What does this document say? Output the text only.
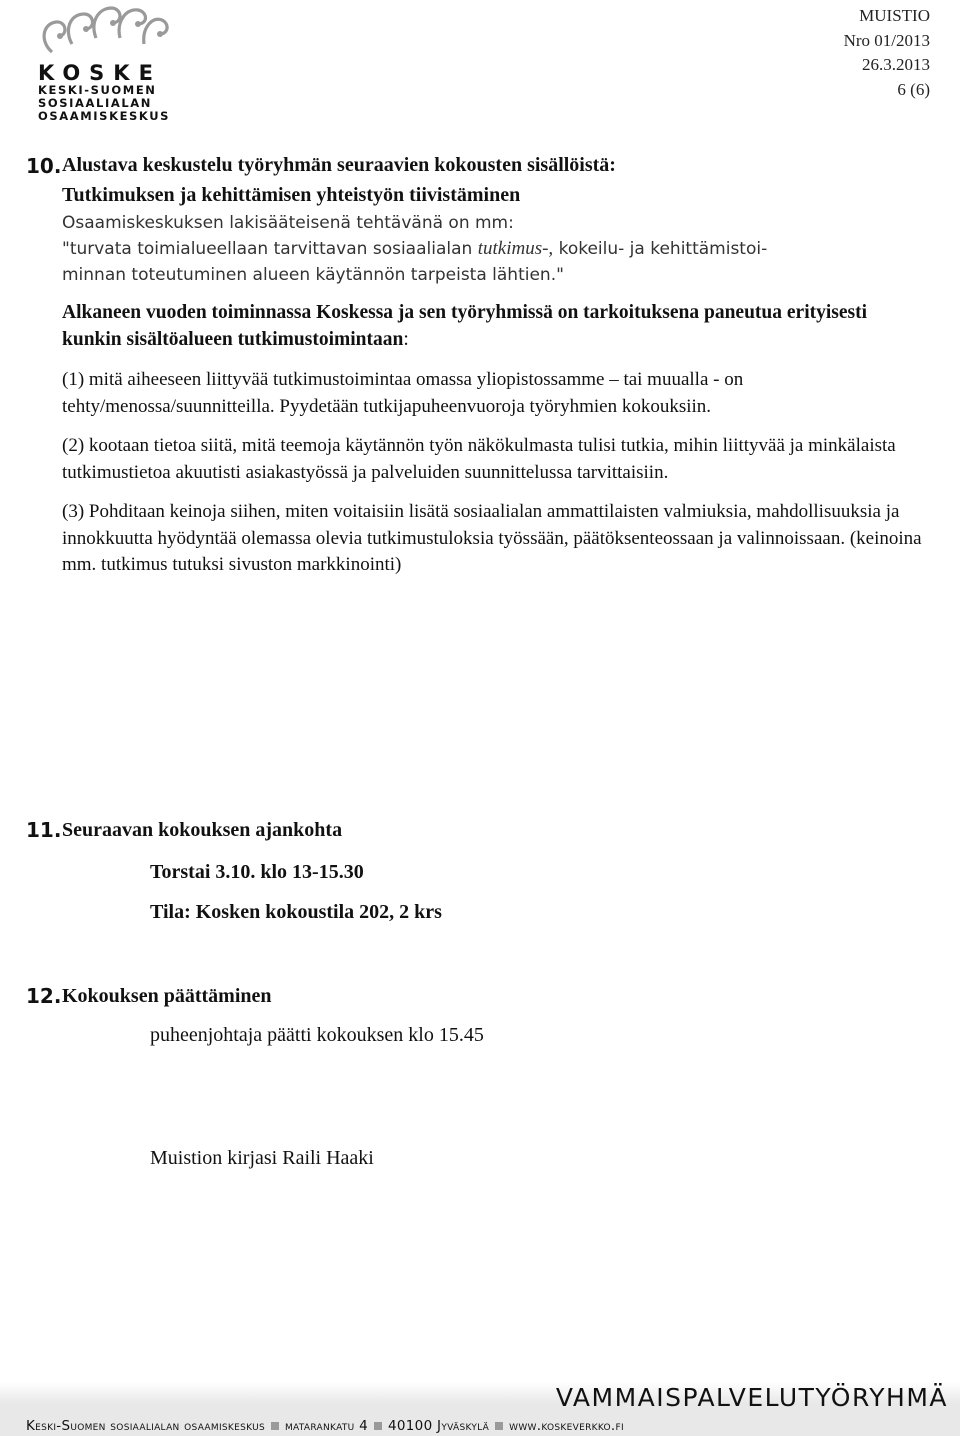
KOSKE
KESKI-SUOMEN
SOSIAALIALAN
OSAAMISKESKUS
MUISTIO
Nro 01/2013
26.3.2013
6 (6)
10. Alustava keskustelu työryhmän seuraavien kokousten sisällöistä:

Tutkimuksen ja kehittämisen yhteistyön tiivistäminen

Osaamiskeskuksen lakisääteisenä tehtävänä on mm:

"turvata toimialueellaan tarvittavan sosiaalialan tutkimus-, kokeilu- ja kehittämistoi-

minnan toteutuminen alueen käytännön tarpeista lähtien."

Alkaneen vuoden toiminnassa Koskessa ja sen työryhmissä on tarkoituksena paneutua erityisesti kunkin sisältöalueen tutkimustoimintaan:

(1) mitä aiheeseen liittyvää tutkimustoimintaa omassa yliopistossamme – tai muualla - on tehty/menossa/suunnitteilla. Pyydetään tutkijapuheenvuoroja työryhmien kokouksiin.

(2) kootaan tietoa siitä, mitä teemoja käytännön työn näkökulmasta tulisi tutkia, mihin liittyvää ja minkälaista tutkimustietoa akuutisti asiakastyössä ja palveluiden suunnittelussa tarvittaisiin.

(3) Pohditaan keinoja siihen, miten voitaisiin lisätä sosiaalialan ammattilaisten valmiuksia, mahdollisuuksia ja innokkuutta hyödyntää olemassa olevia tutkimustuloksia työssään, päätöksenteossaan ja valinnoissaan. (keinoina mm. tutkimus tutuksi sivuston markkinointi)

11. Seuraavan kokouksen ajankohta
Torstai 3.10. klo 13-15.30
Tila: Kosken kokoustila 202, 2 krs
12. Kokouksen päättäminen
puheenjohtaja päätti kokouksen klo 15.45
Muistion kirjasi Raili Haaki
VAMMAISPALVELUTYÖRYHMÄ
Keski-Suomen sosiaalialan osaamiskeskus matarankatu 4 40100 Jyväskylä www.koskeverkko.fi
